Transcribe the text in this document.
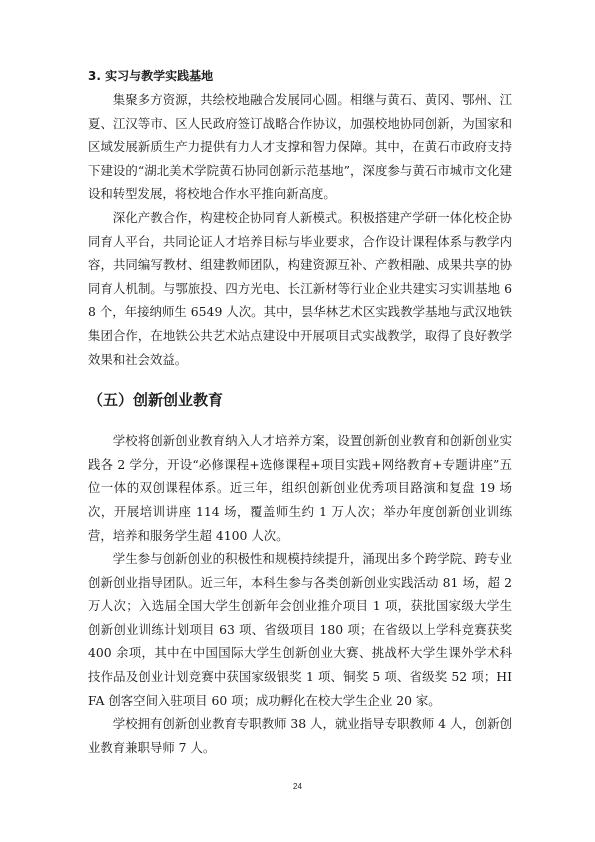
3. 实习与教学实践基地

集聚多方资源，共绘校地融合发展同心圆。相继与黄石、黄冈、鄂州、江夏、江汉等市、区人民政府签订战略合作协议，加强校地协同创新，为国家和区域发展新质生产力提供有力人才支撑和智力保障。其中，在黄石市政府支持下建设的“湖北美术学院黄石协同创新示范基地”，深度参与黄石市城市文化建设和转型发展，将校地合作水平推向新高度。

深化产教合作，构建校企协同育人新模式。积极搭建产学研一体化校企协同育人平台，共同论证人才培养目标与毕业要求，合作设计课程体系与教学内容，共同编写教材、组建教师团队，构建资源互补、产教相融、成果共享的协同育人机制。与鄂旅投、四方光电、长江新材等行业企业共建实习实训基地 68 个，年接纳师生 6549 人次。其中，昙华林艺术区实践教学基地与武汉地铁集团合作，在地铁公共艺术站点建设中开展项目式实战教学，取得了良好教学效果和社会效益。

（五）创新创业教育

学校将创新创业教育纳入人才培养方案，设置创新创业教育和创新创业实践各 2 学分，开设“必修课程+选修课程+项目实践+网络教育+专题讲座”五位一体的双创课程体系。近三年，组织创新创业优秀项目路演和复盘 19 场次，开展培训讲座 114 场，覆盖师生约 1 万人次；举办年度创新创业训练营，培养和服务学生超 4100 人次。

学生参与创新创业的积极性和规模持续提升，涌现出多个跨学院、跨专业创新创业指导团队。近三年，本科生参与各类创新创业实践活动 81 场，超 2 万人次；入选届全国大学生创新年会创业推介项目 1 项，获批国家级大学生创新创业训练计划项目 63 项、省级项目 180 项；在省级以上学科竞赛获奖 400 余项，其中在中国国际大学生创新创业大赛、挑战杯大学生课外学术科技作品及创业计划竞赛中获国家级银奖 1 项、铜奖 5 项、省级奖 52 项；HIFA 创客空间入驻项目 60 项；成功孵化在校大学生企业 20 家。

学校拥有创新创业教育专职教师 38 人，就业指导专职教师 4 人，创新创业教育兼职导师 7 人。

24
